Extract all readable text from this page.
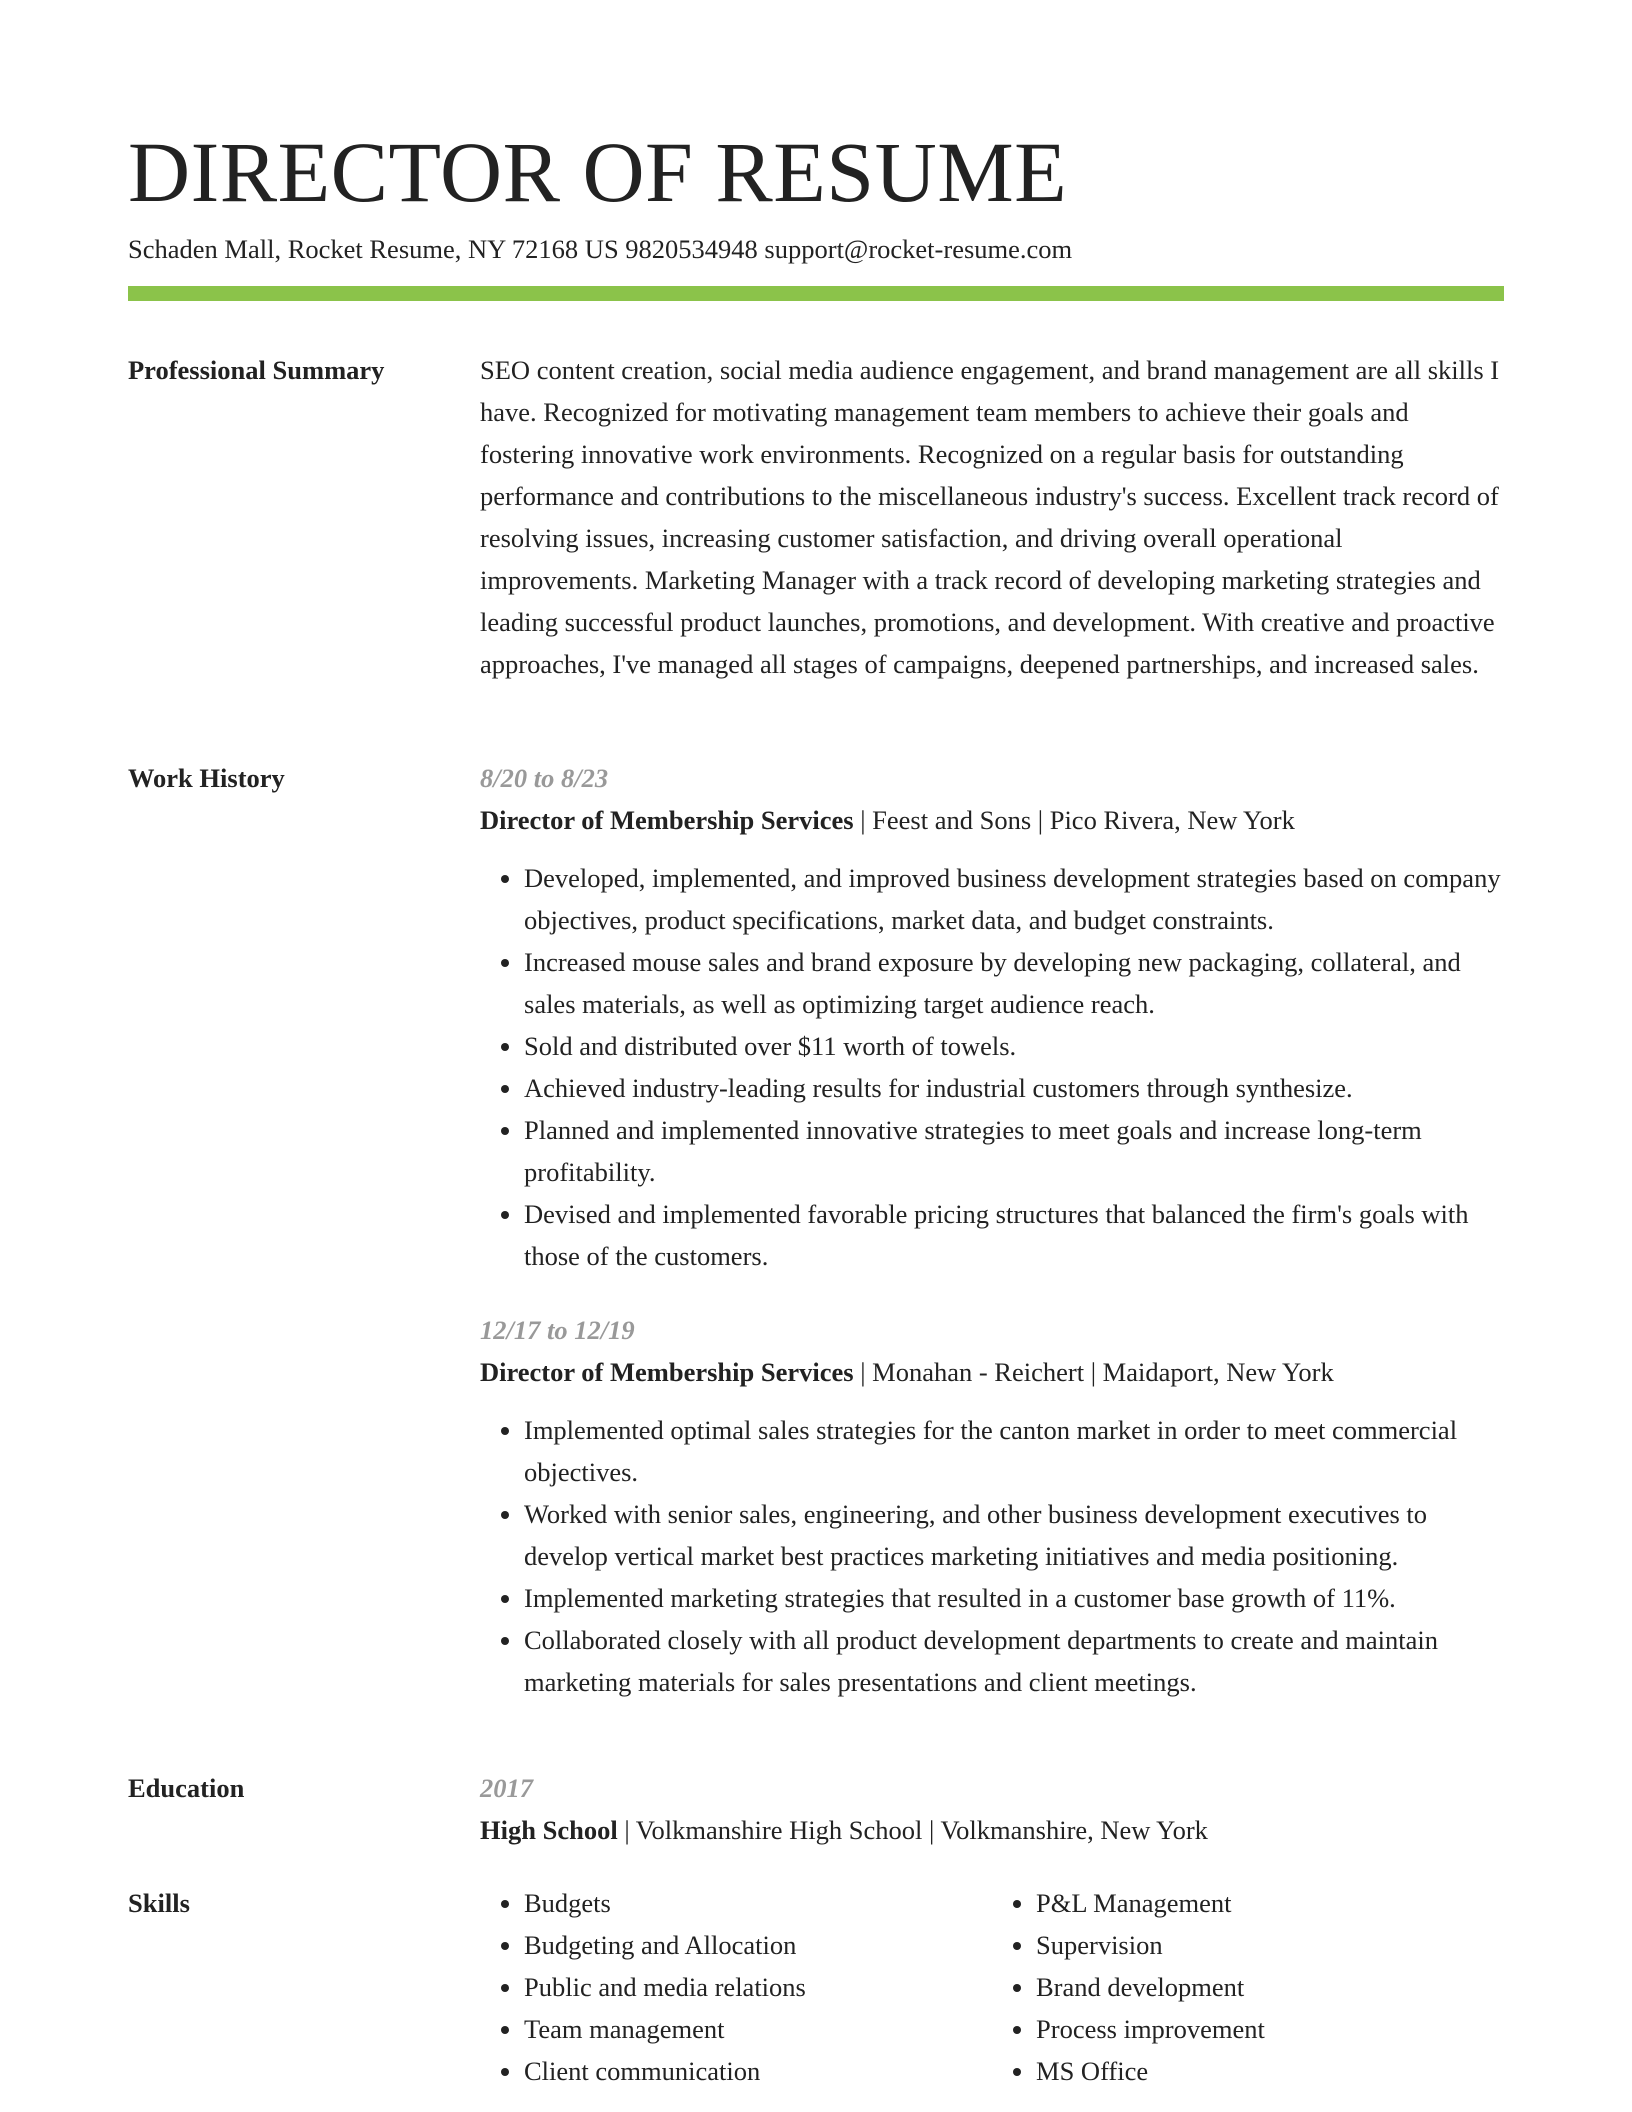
DIRECTOR OF RESUME
Schaden Mall, Rocket Resume, NY 72168 US 9820534948 support@rocket-resume.com
Professional Summary	SEO content creation, social media audience engagement, and brand management are all skills I have. Recognized for motivating management team members to achieve their goals and fostering innovative work environments. Recognized on a regular basis for outstanding performance and contributions to the miscellaneous industry's success. Excellent track record of resolving issues, increasing customer satisfaction, and driving overall operational improvements. Marketing Manager with a track record of developing marketing strategies and leading successful product launches, promotions, and development. With creative and proactive approaches, I've managed all stages of campaigns, deepened partnerships, and increased sales.

Work History	8/20 to 8/23
Director of Membership Services | Feest and Sons | Pico Rivera, New York
• Developed, implemented, and improved business development strategies based on company objectives, product specifications, market data, and budget constraints.
• Increased mouse sales and brand exposure by developing new packaging, collateral, and sales materials, as well as optimizing target audience reach.
• Sold and distributed over $11 worth of towels.
• Achieved industry-leading results for industrial customers through synthesize.
• Planned and implemented innovative strategies to meet goals and increase long-term profitability.
• Devised and implemented favorable pricing structures that balanced the firm's goals with those of the customers.
12/17 to 12/19
Director of Membership Services | Monahan - Reichert | Maidaport, New York
• Implemented optimal sales strategies for the canton market in order to meet commercial objectives.
• Worked with senior sales, engineering, and other business development executives to develop vertical market best practices marketing initiatives and media positioning.
• Implemented marketing strategies that resulted in a customer base growth of 11%.
• Collaborated closely with all product development departments to create and maintain marketing materials for sales presentations and client meetings.
Education	2017
High School | Volkmanshire High School | Volkmanshire, New York
Skills
•	Budgets
• Budgeting and Allocation
• Public and media relations
• Team management
• Client communication
• P&L Management
• Supervision
• Brand development
• Process improvement
• MS Office
